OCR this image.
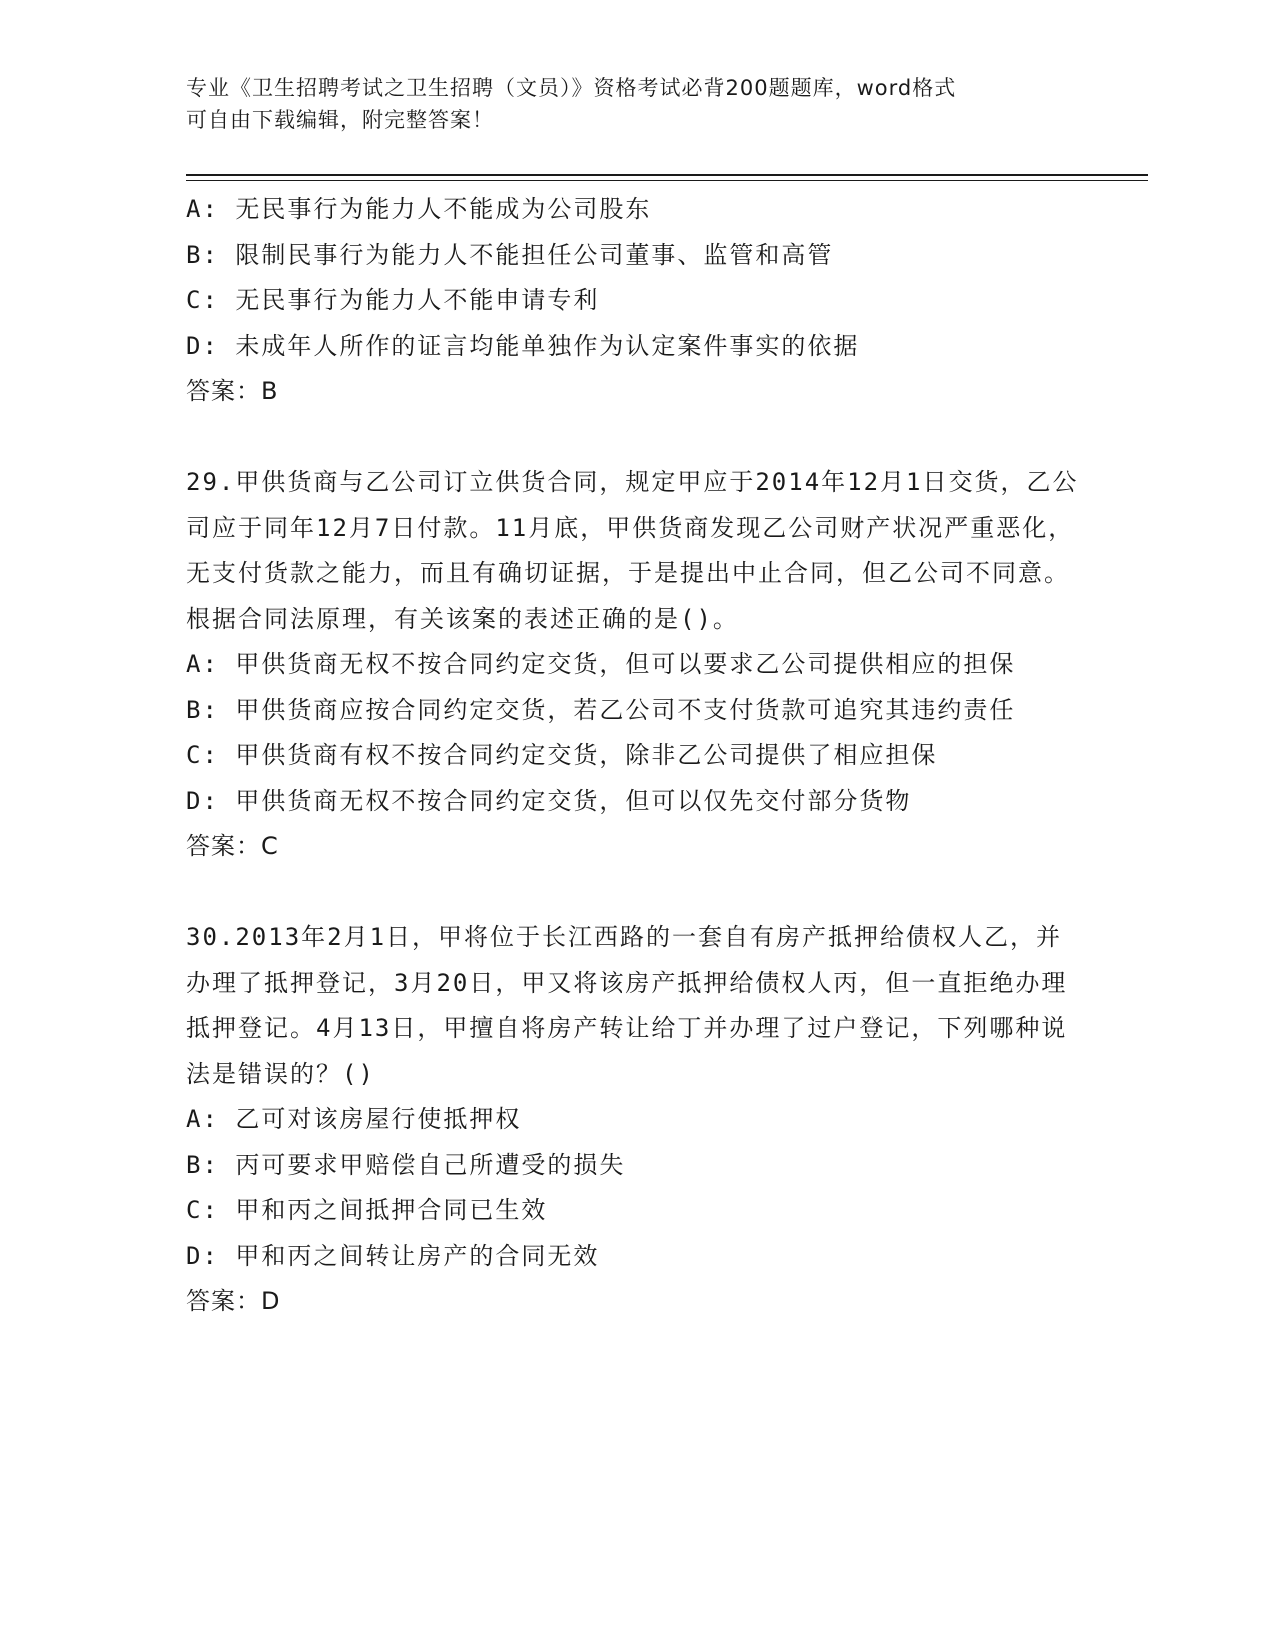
专业《卫生招聘考试之卫生招聘（文员）》资格考试必背200题题库，word格式
可自由下载编辑，附完整答案！

A: 无民事行为能力人不能成为公司股东

B: 限制民事行为能力人不能担任公司董事、监管和高管

C: 无民事行为能力人不能申请专利

D: 未成年人所作的证言均能单独作为认定案件事实的依据

答案：B

29.甲供货商与乙公司订立供货合同，规定甲应于2014年12月1日交货，乙公司应于同年12月7日付款。11月底，甲供货商发现乙公司财产状况严重恶化，无支付货款之能力，而且有确切证据，于是提出中止合同，但乙公司不同意。根据合同法原理，有关该案的表述正确的是()。

A: 甲供货商无权不按合同约定交货，但可以要求乙公司提供相应的担保

B: 甲供货商应按合同约定交货，若乙公司不支付货款可追究其违约责任

C: 甲供货商有权不按合同约定交货，除非乙公司提供了相应担保

D: 甲供货商无权不按合同约定交货，但可以仅先交付部分货物

答案：C

30.2013年2月1日，甲将位于长江西路的一套自有房产抵押给债权人乙，并办理了抵押登记，3月20日，甲又将该房产抵押给债权人丙，但一直拒绝办理抵押登记。4月13日，甲擅自将房产转让给丁并办理了过户登记，下列哪种说法是错误的？()

A: 乙可对该房屋行使抵押权

B: 丙可要求甲赔偿自己所遭受的损失

C: 甲和丙之间抵押合同已生效

D: 甲和丙之间转让房产的合同无效

答案：D
